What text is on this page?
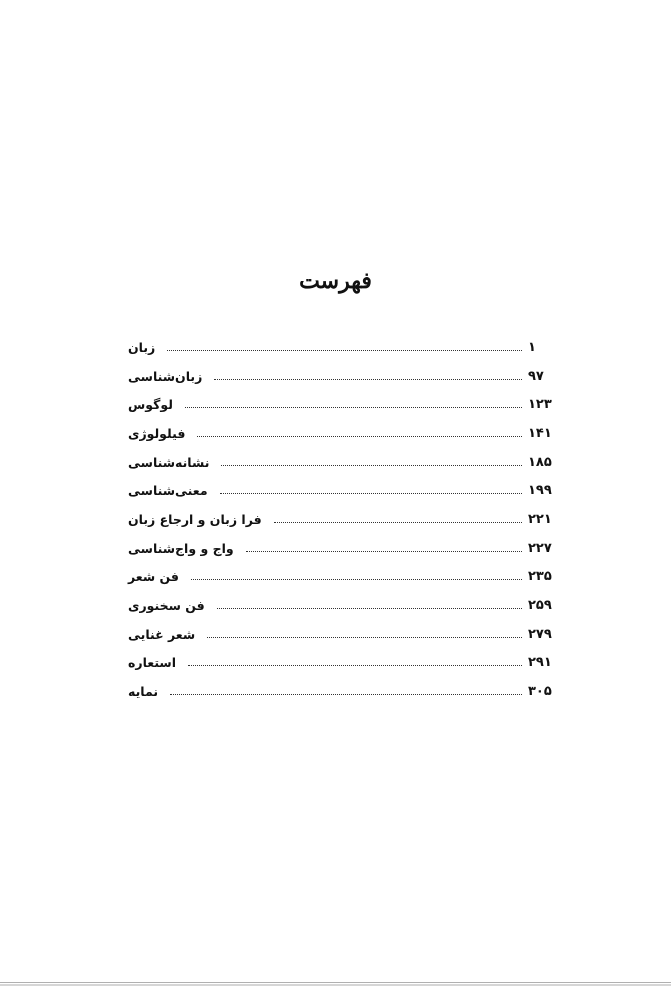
فهرست
زبان	۱
زبان‌شناسی	۹۷
لوگوس	۱۲۳
فیلولوژی	۱۴۱
نشانه‌شناسی	۱۸۵
معنی‌شناسی	۱۹۹
فرا زبان و ارجاع زبان	۲۲۱
واج و واج‌شناسی	۲۲۷
فن شعر	۲۳۵
فن سخنوری	۲۵۹
شعر غنایی	۲۷۹
استعاره	۲۹۱
نمایه	۳۰۵
